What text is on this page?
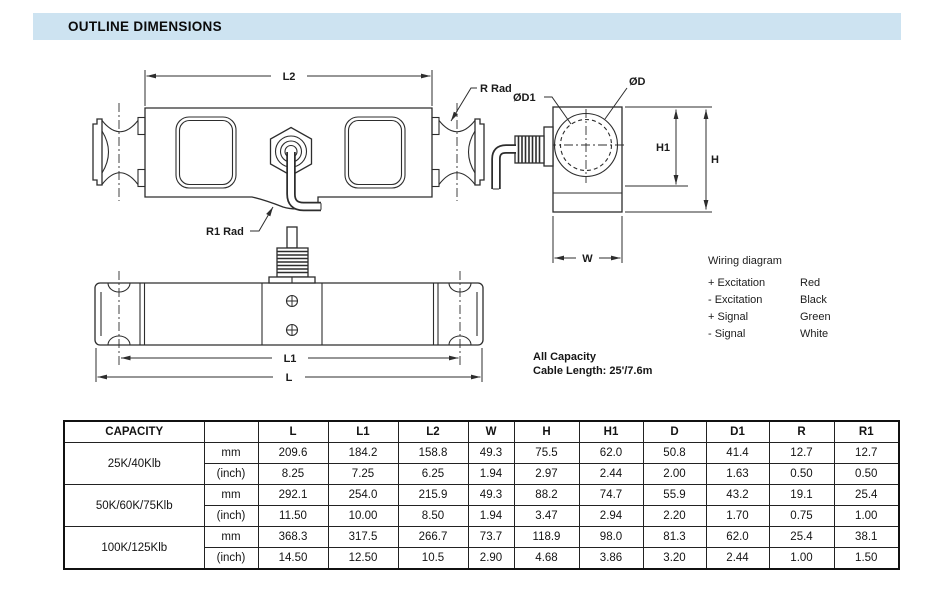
OUTLINE DIMENSIONS
L2
R Rad
R1 Rad
ØD
ØD1
H1
H
W
L1
L
Wiring diagram
+ Excitation	Red
- Excitation	Black
+ Signal	Green
- Signal	White
All Capacity
Cable Length: 25'/7.6m
CAPACITY		L	L1	L2	W	H	H1	D	D1	R	R1
25K/40Klb	mm	209.6	184.2	158.8	49.3	75.5	62.0	50.8	41.4	12.7	12.7
	(inch)	8.25	7.25	6.25	1.94	2.97	2.44	2.00	1.63	0.50	0.50
50K/60K/75Klb	mm	292.1	254.0	215.9	49.3	88.2	74.7	55.9	43.2	19.1	25.4
	(inch)	11.50	10.00	8.50	1.94	3.47	2.94	2.20	1.70	0.75	1.00
100K/125Klb	mm	368.3	317.5	266.7	73.7	118.9	98.0	81.3	62.0	25.4	38.1
	(inch)	14.50	12.50	10.5	2.90	4.68	3.86	3.20	2.44	1.00	1.50
